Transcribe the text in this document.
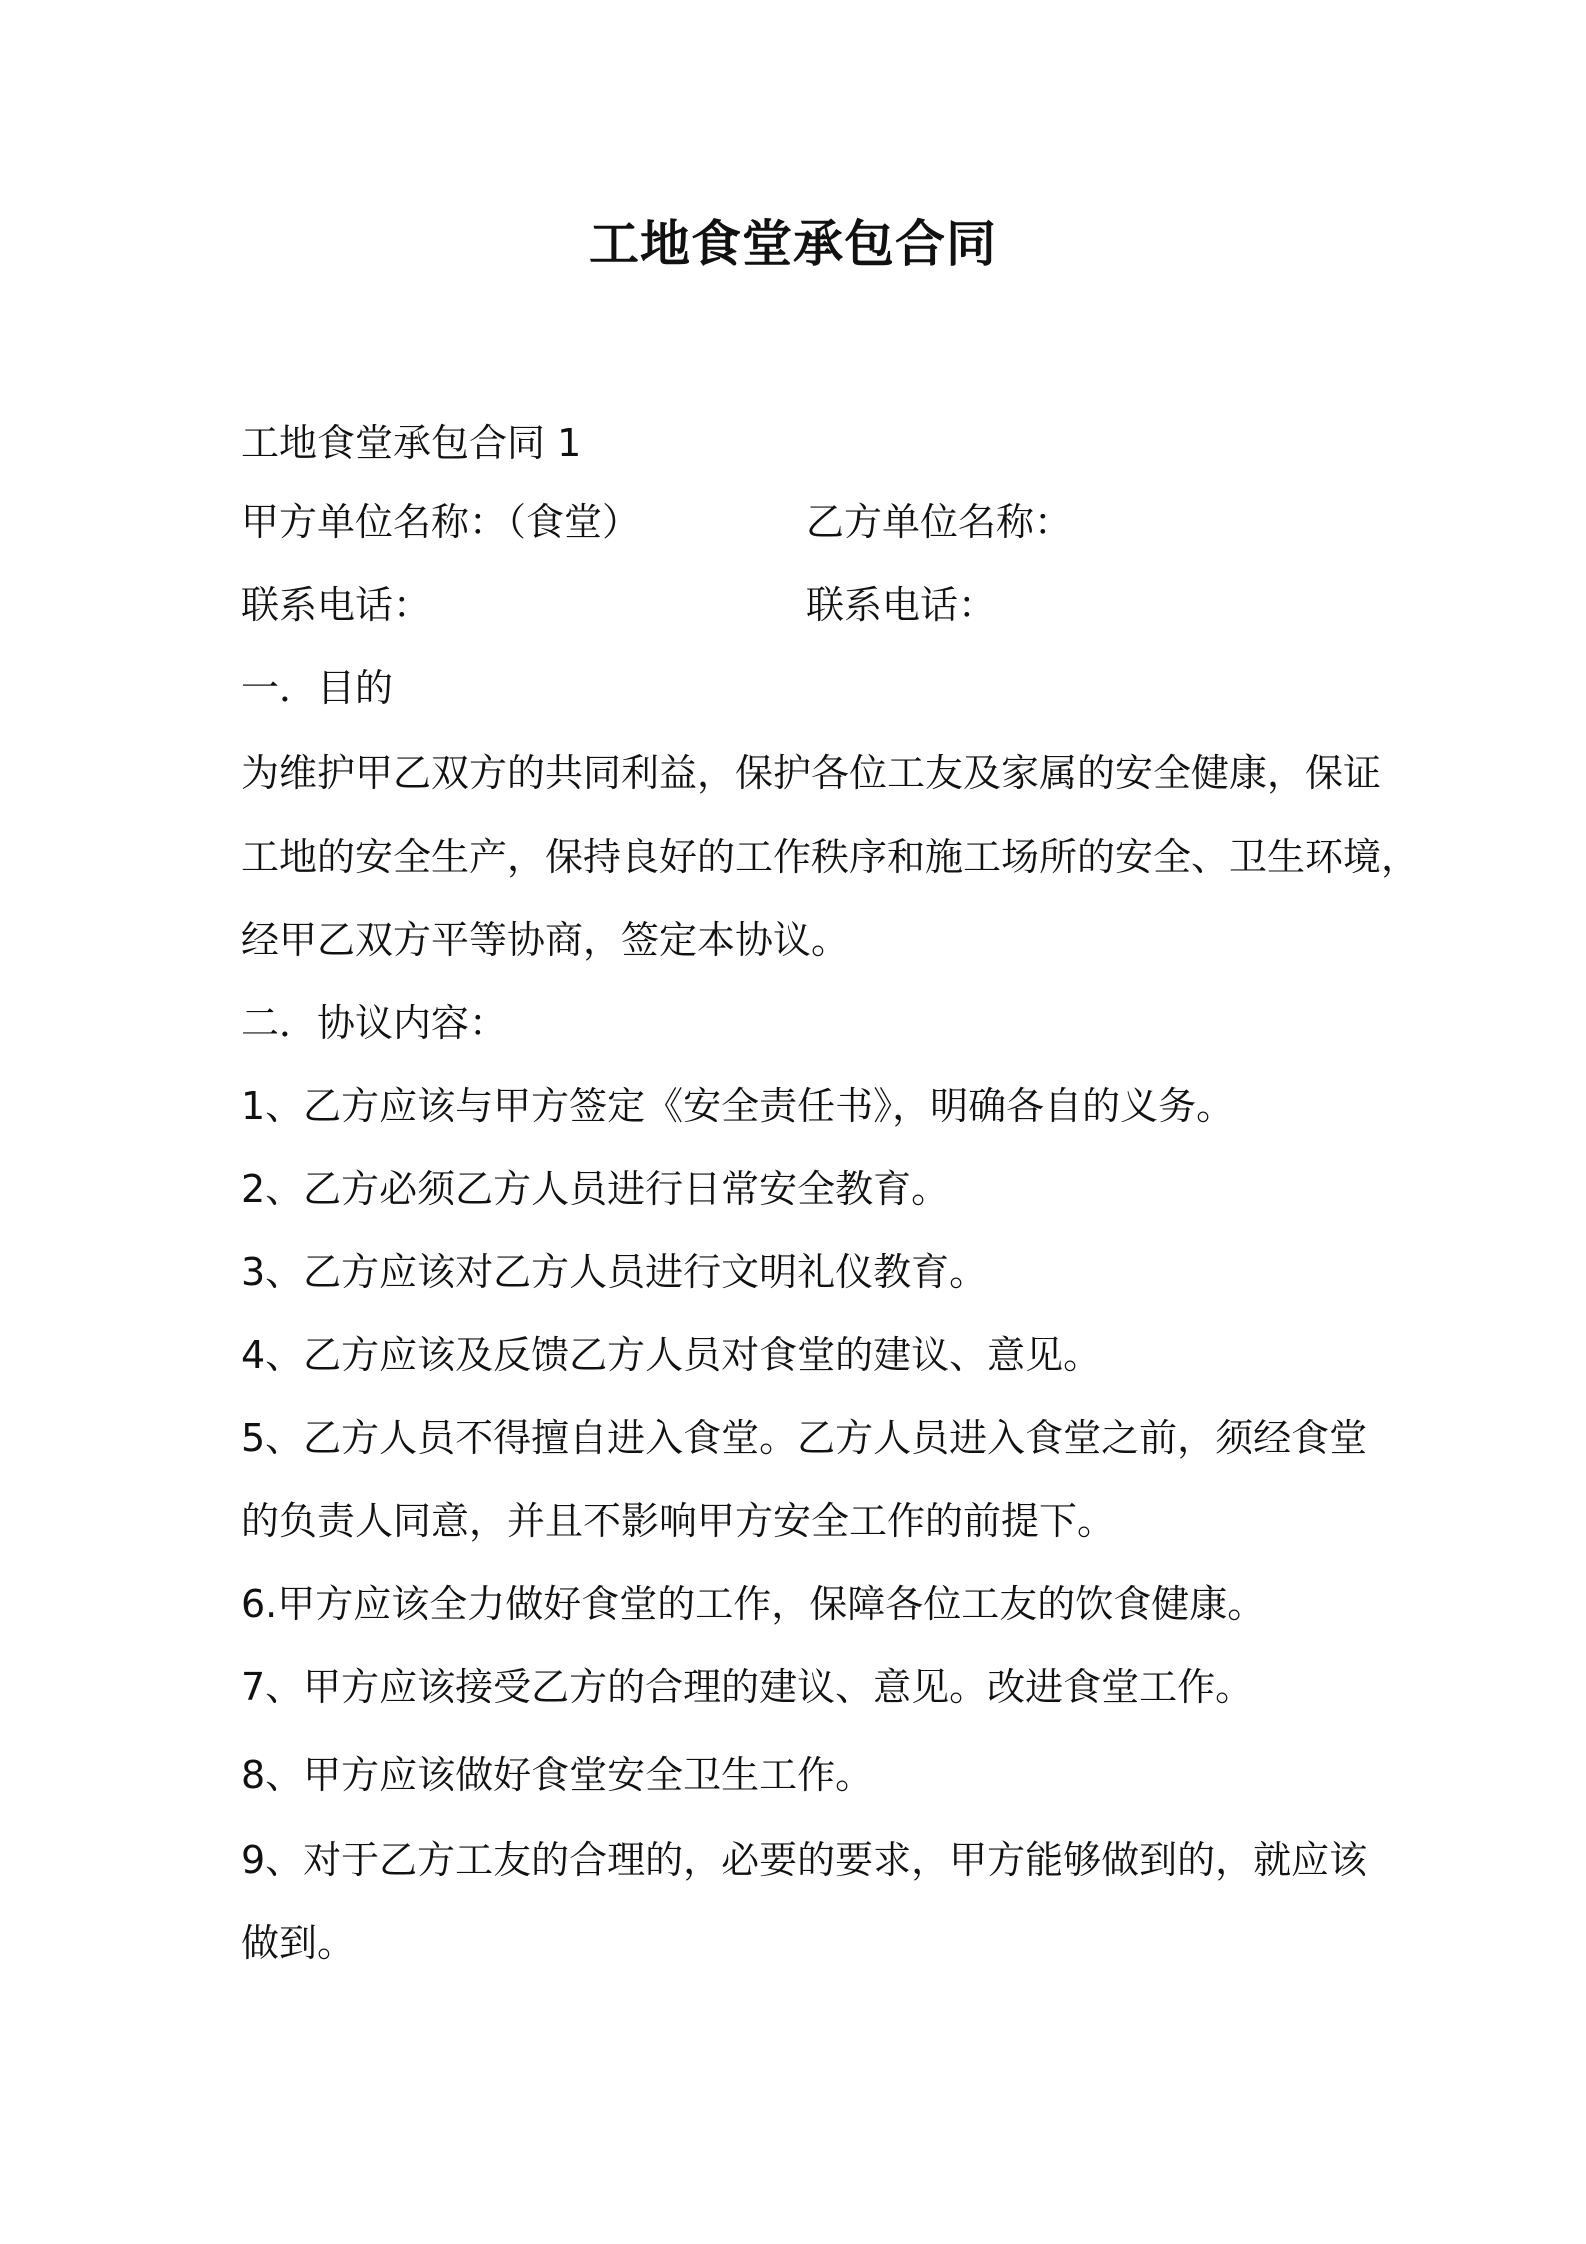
工地食堂承包合同
工地食堂承包合同 1
甲方单位名称：（食堂）	乙方单位名称：
联系电话：	联系电话：
一．目的
为维护甲乙双方的共同利益，保护各位工友及家属的安全健康，保证
工地的安全生产，保持良好的工作秩序和施工场所的安全、卫生环境，
经甲乙双方平等协商，签定本协议。
二．协议内容：
1、乙方应该与甲方签定《安全责任书》，明确各自的义务。
2、乙方必须乙方人员进行日常安全教育。
3、乙方应该对乙方人员进行文明礼仪教育。
4、乙方应该及反馈乙方人员对食堂的建议、意见。
5、乙方人员不得擅自进入食堂。乙方人员进入食堂之前，须经食堂
的负责人同意，并且不影响甲方安全工作的前提下。
6.甲方应该全力做好食堂的工作，保障各位工友的饮食健康。
7、甲方应该接受乙方的合理的建议、意见。改进食堂工作。
8、甲方应该做好食堂安全卫生工作。
9、对于乙方工友的合理的，必要的要求，甲方能够做到的，就应该
做到。
